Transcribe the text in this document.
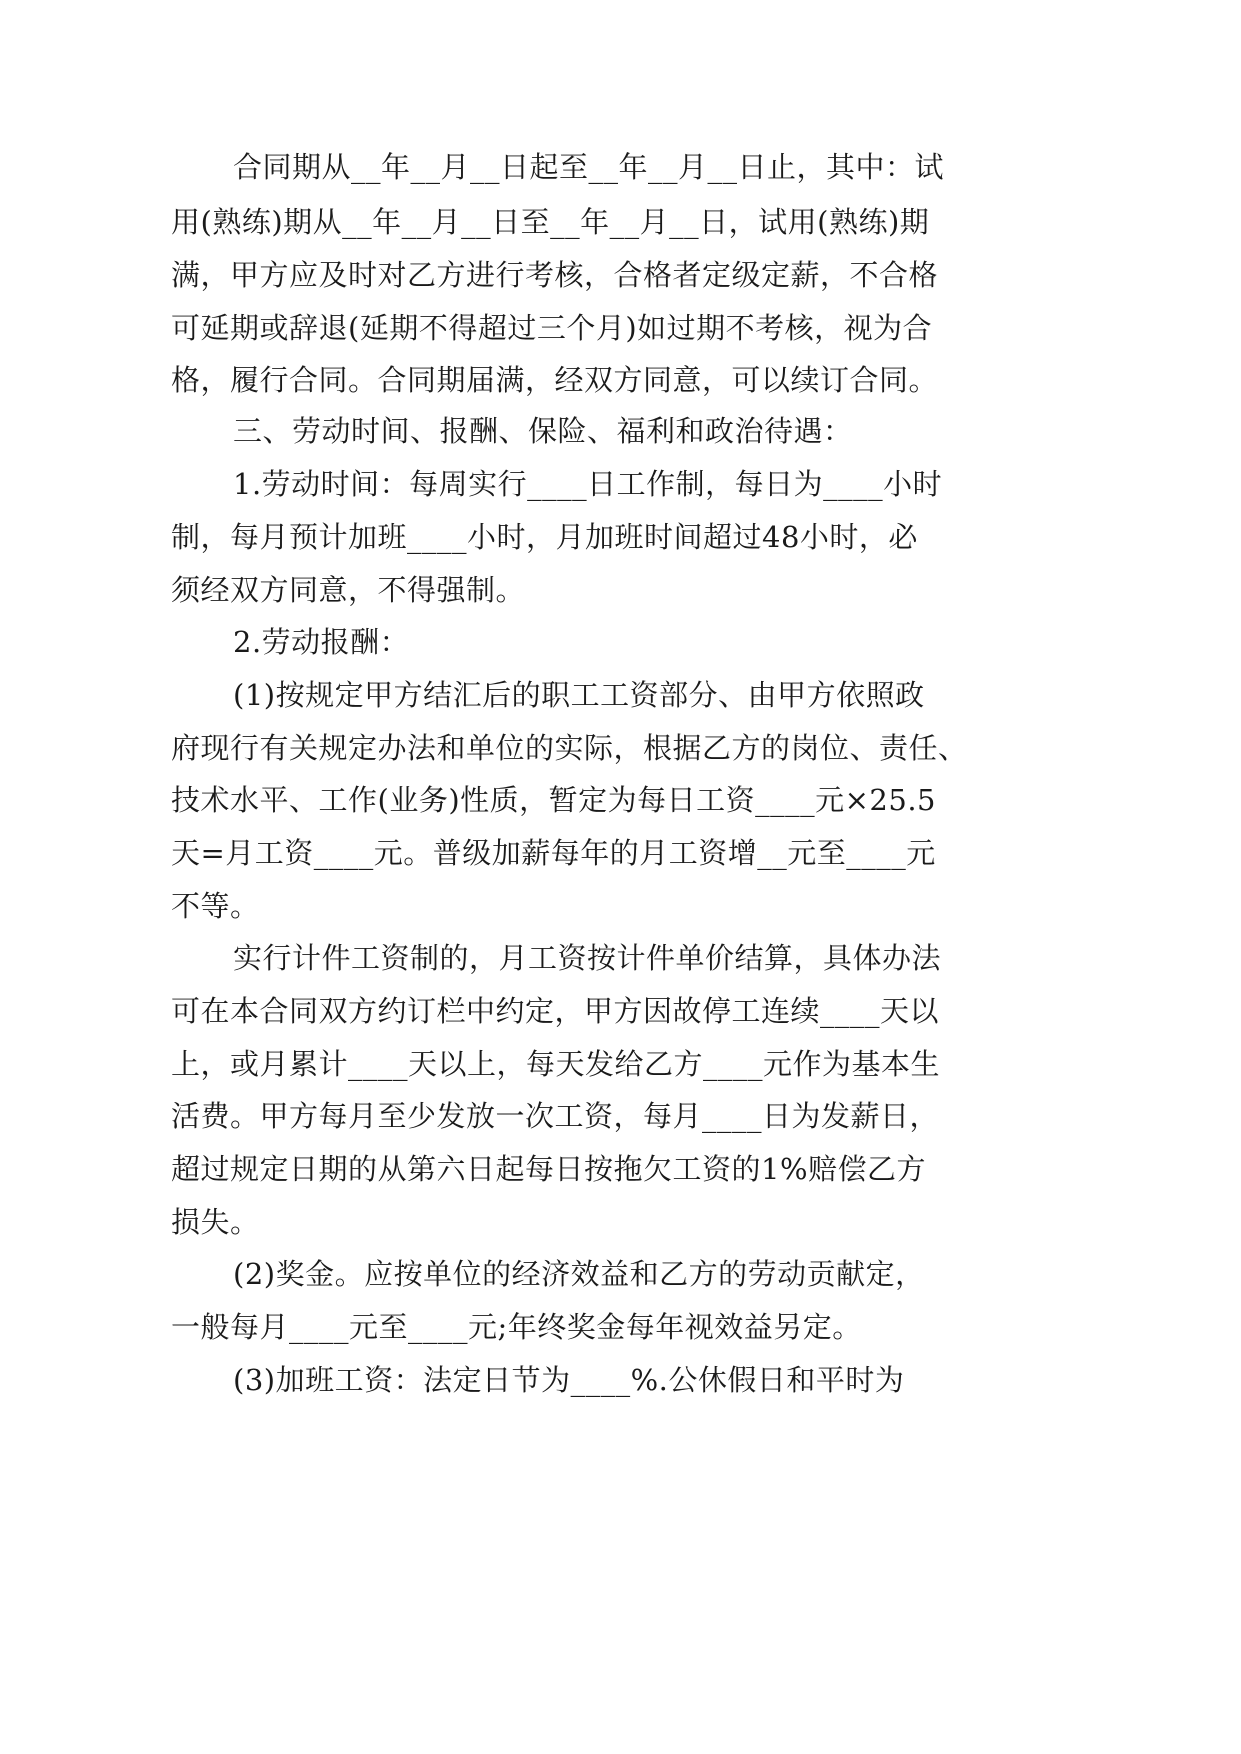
合同期从__年__月__日起至__年__月__日止，其中：试

用(熟练)期从__年__月__日至__年__月__日，试用(熟练)期

满，甲方应及时对乙方进行考核，合格者定级定薪，不合格

可延期或辞退(延期不得超过三个月)如过期不考核，视为合

格，履行合同。合同期届满，经双方同意，可以续订合同。

三、劳动时间、报酬、保险、福利和政治待遇：

1.劳动时间：每周实行____日工作制，每日为____小时

制，每月预计加班____小时，月加班时间超过48小时，必

须经双方同意，不得强制。

2.劳动报酬：

(1)按规定甲方结汇后的职工工资部分、由甲方依照政

府现行有关规定办法和单位的实际，根据乙方的岗位、责任、

技术水平、工作(业务)性质，暂定为每日工资____元×25.5

天=月工资____元。普级加薪每年的月工资增__元至____元

不等。

实行计件工资制的，月工资按计件单价结算，具体办法

可在本合同双方约订栏中约定，甲方因故停工连续____天以

上，或月累计____天以上，每天发给乙方____元作为基本生

活费。甲方每月至少发放一次工资，每月____日为发薪日，

超过规定日期的从第六日起每日按拖欠工资的1%赔偿乙方

损失。

(2)奖金。应按单位的经济效益和乙方的劳动贡献定，

一般每月____元至____元;年终奖金每年视效益另定。

(3)加班工资：法定日节为____%.公休假日和平时为
